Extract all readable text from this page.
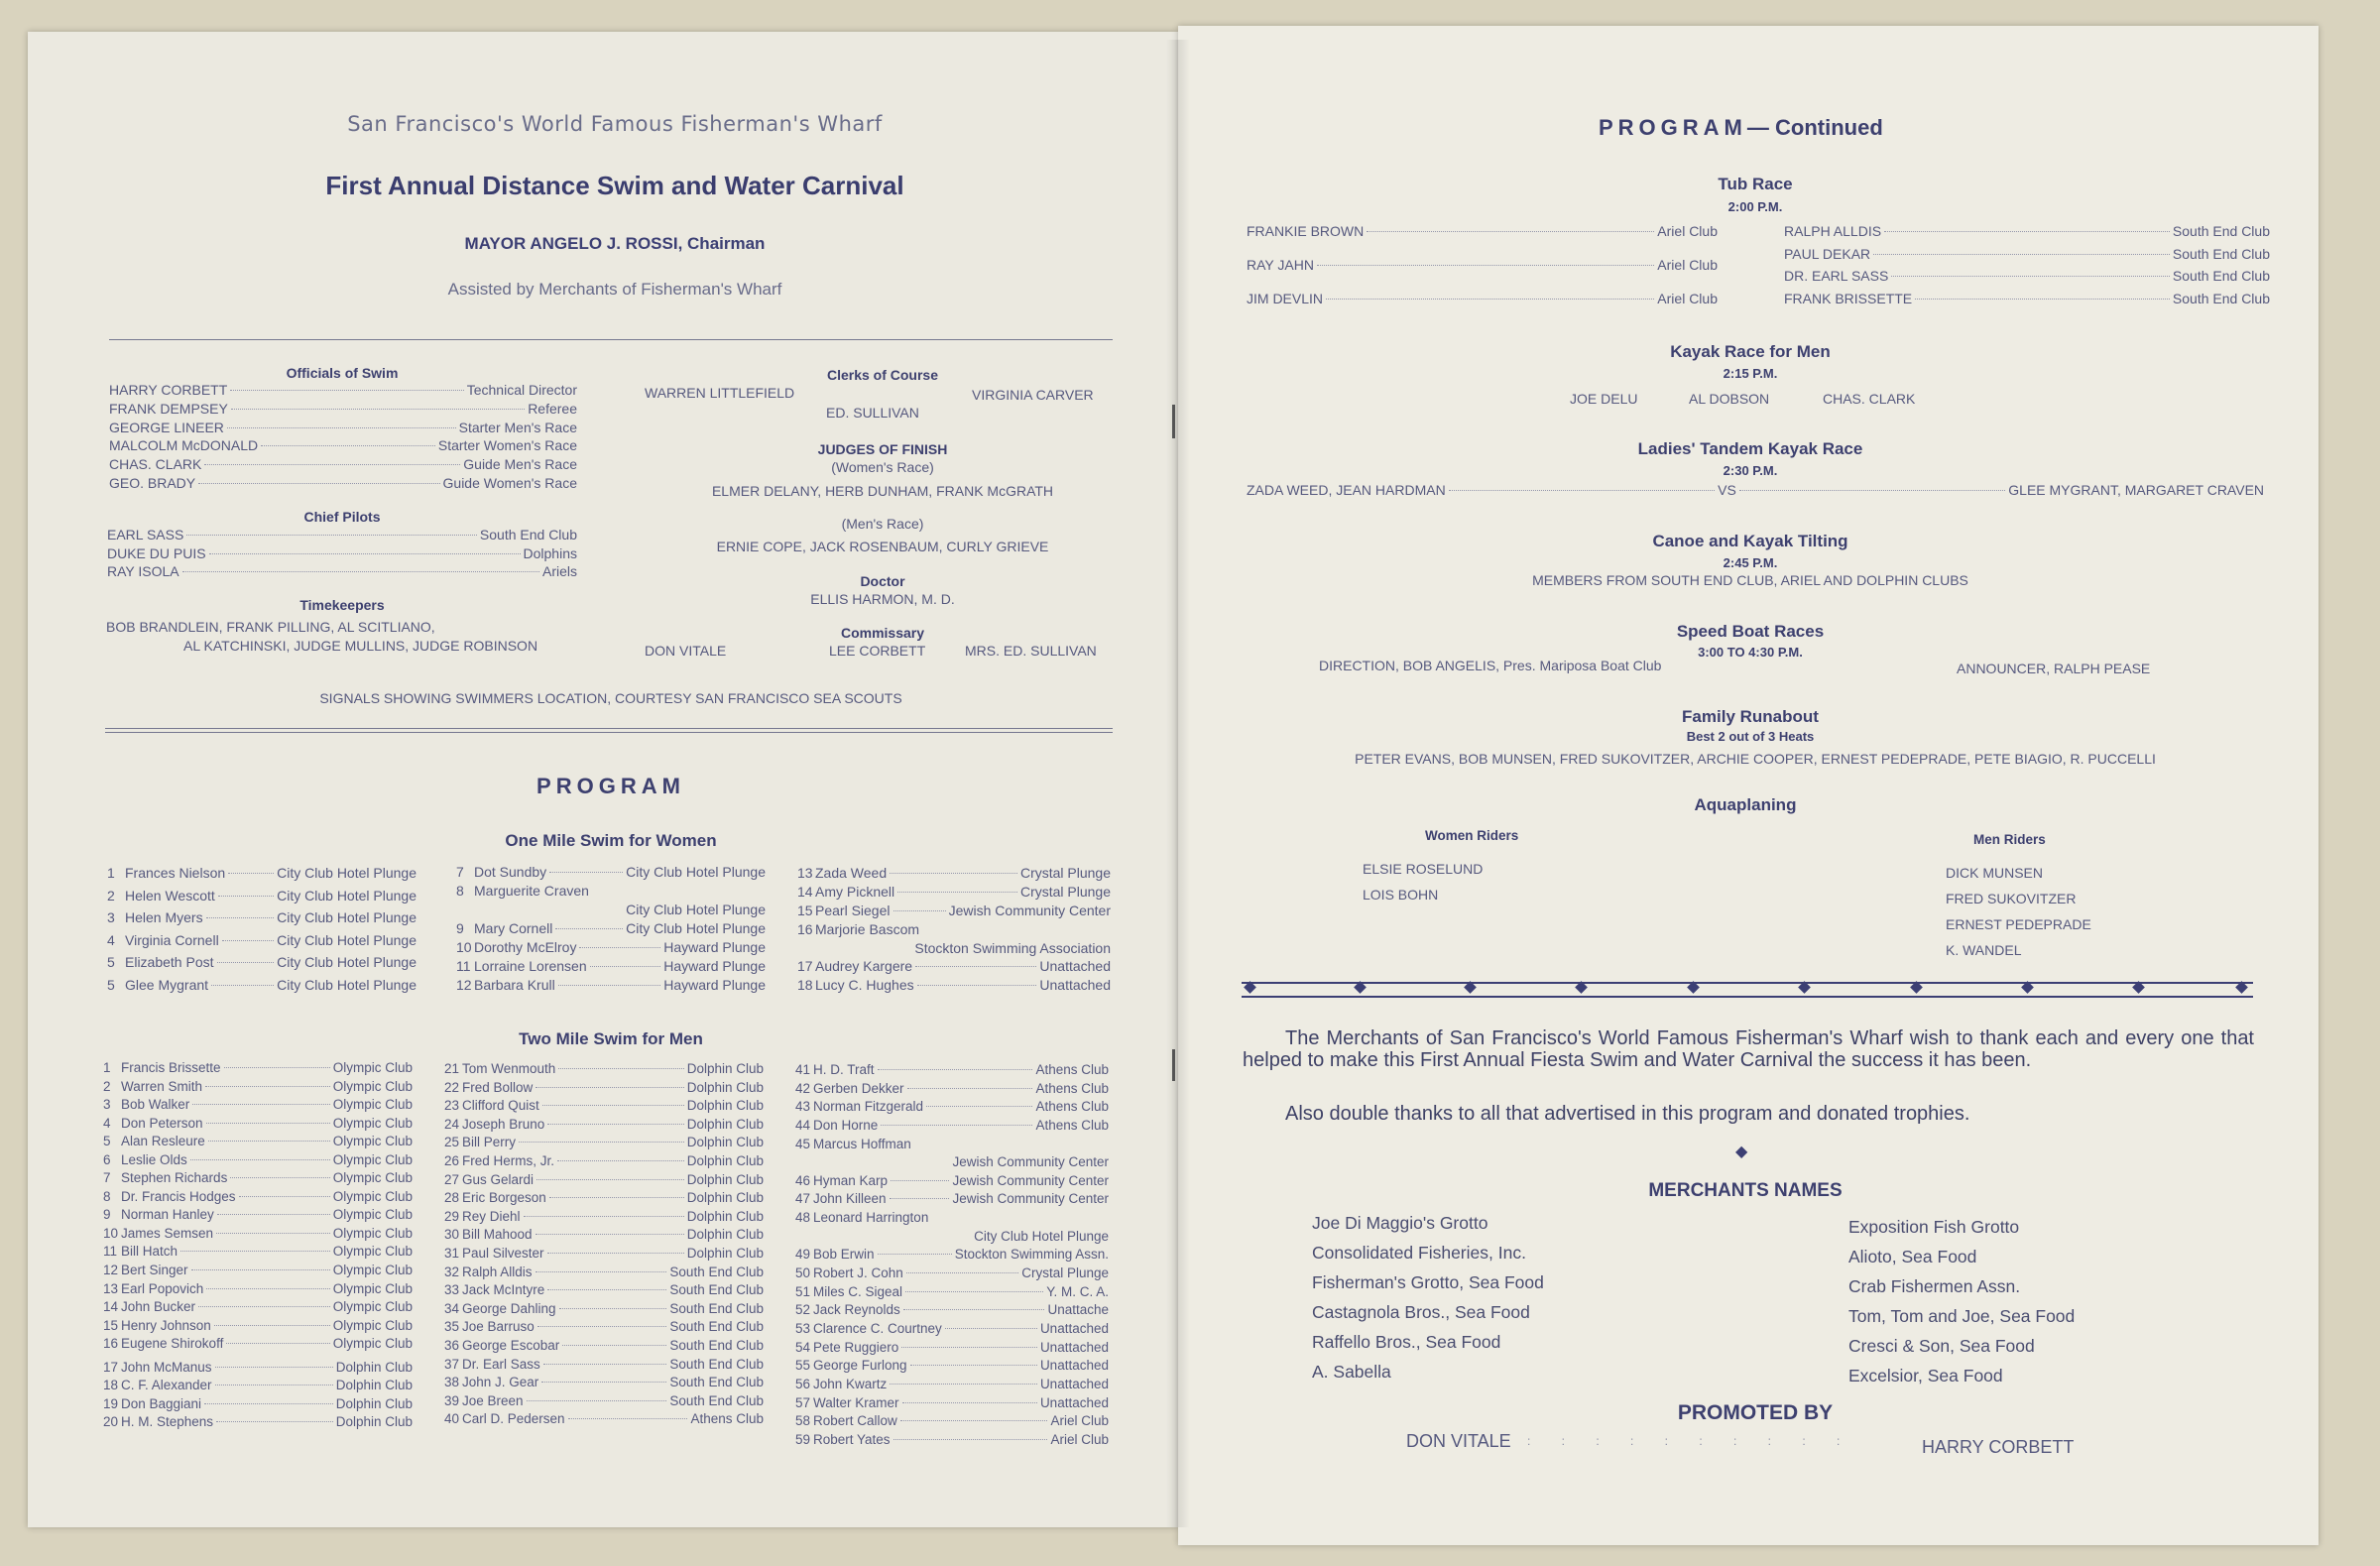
San Francisco's World Famous Fisherman's Wharf
First Annual Distance Swim and Water Carnival
MAYOR ANGELO J. ROSSI, Chairman
Assisted by Merchants of Fisherman's Wharf
Officials of Swim
HARRY CORBETT	Technical Director
FRANK DEMPSEY	Referee
GEORGE LINEER	Starter Men's Race
MALCOLM McDONALD	Starter Women's Race
CHAS. CLARK	Guide Men's Race
GEO. BRADY	Guide Women's Race
Chief Pilots
EARL SASS	South End Club
DUKE DU PUIS	Dolphins
RAY ISOLA	Ariels
Timekeepers
BOB BRANDLEIN, FRANK PILLING, AL SCITLIANO,
AL KATCHINSKI, JUDGE MULLINS, JUDGE ROBINSON
Clerks of Course
WARREN LITTLEFIELD	VIRGINIA CARVER
ED. SULLIVAN
JUDGES OF FINISH
(Women's Race)
ELMER DELANY, HERB DUNHAM, FRANK McGRATH
(Men's Race)
ERNIE COPE, JACK ROSENBAUM, CURLY GRIEVE
Doctor
ELLIS HARMON, M. D.
Commissary
DON VITALE	LEE CORBETT	MRS. ED. SULLIVAN
SIGNALS SHOWING SWIMMERS LOCATION, COURTESY SAN FRANCISCO SEA SCOUTS
PROGRAM
One Mile Swim for Women
1 Frances Nielson	City Club Hotel Plunge
2 Helen Wescott	City Club Hotel Plunge
3 Helen Myers	City Club Hotel Plunge
4 Virginia Cornell	City Club Hotel Plunge
5 Elizabeth Post	City Club Hotel Plunge
5 Glee Mygrant	City Club Hotel Plunge
7 Dot Sundby	City Club Hotel Plunge
8 Marguerite Craven
City Club Hotel Plunge
9 Mary Cornell	City Club Hotel Plunge
10 Dorothy McElroy	Hayward Plunge
11 Lorraine Lorensen	Hayward Plunge
12 Barbara Krull	Hayward Plunge
13 Zada Weed	Crystal Plunge
14 Amy Picknell	Crystal Plunge
15 Pearl Siegel	Jewish Community Center
16 Marjorie Bascom
Stockton Swimming Association
17 Audrey Kargere	Unattached
18 Lucy C. Hughes	Unattached
Two Mile Swim for Men
1 Francis Brissette	Olympic Club
2 Warren Smith	Olympic Club
3 Bob Walker	Olympic Club
4 Don Peterson	Olympic Club
5 Alan Resleure	Olympic Club
6 Leslie Olds	Olympic Club
7 Stephen Richards	Olympic Club
8 Dr. Francis Hodges	Olympic Club
9 Norman Hanley	Olympic Club
10 James Semsen	Olympic Club
11 Bill Hatch	Olympic Club
12 Bert Singer	Olympic Club
13 Earl Popovich	Olympic Club
14 John Bucker	Olympic Club
15 Henry Johnson	Olympic Club
16 Eugene Shirokoff	Olympic Club
17 John McManus	Dolphin Club
18 C. F. Alexander	Dolphin Club
19 Don Baggiani	Dolphin Club
20 H. M. Stephens	Dolphin Club
21 Tom Wenmouth	Dolphin Club
22 Fred Bollow	Dolphin Club
23 Clifford Quist	Dolphin Club
24 Joseph Bruno	Dolphin Club
25 Bill Perry	Dolphin Club
26 Fred Herms, Jr.	Dolphin Club
27 Gus Gelardi	Dolphin Club
28 Eric Borgeson	Dolphin Club
29 Rey Diehl	Dolphin Club
30 Bill Mahood	Dolphin Club
31 Paul Silvester	Dolphin Club
32 Ralph Alldis	South End Club
33 Jack McIntyre	South End Club
34 George Dahling	South End Club
35 Joe Barruso	South End Club
36 George Escobar	South End Club
37 Dr. Earl Sass	South End Club
38 John J. Gear	South End Club
39 Joe Breen	South End Club
40 Carl D. Pedersen	Athens Club
41 H. D. Traft	Athens Club
42 Gerben Dekker	Athens Club
43 Norman Fitzgerald	Athens Club
44 Don Horne	Athens Club
45 Marcus Hoffman
Jewish Community Center
46 Hyman Karp	Jewish Community Center
47 John Killeen	Jewish Community Center
48 Leonard Harrington
City Club Hotel Plunge
49 Bob Erwin	Stockton Swimming Assn.
50 Robert J. Cohn	Crystal Plunge
51 Miles C. Sigeal	Y. M. C. A.
52 Jack Reynolds	Unattache
53 Clarence C. Courtney	Unattached
54 Pete Ruggiero	Unattached
55 George Furlong	Unattached
56 John Kwartz	Unattached
57 Walter Kramer	Unattached
58 Robert Callow	Ariel Club
59 Robert Yates	Ariel Club
PROGRAM— Continued
Tub Race
2:00 P.M.
FRANKIE BROWN	Ariel Club
RAY JAHN	Ariel Club
JIM DEVLIN	Ariel Club
RALPH ALLDIS	South End Club
PAUL DEKAR	South End Club
DR. EARL SASS	South End Club
FRANK BRISSETTE	South End Club
Kayak Race for Men
2:15 P.M.
JOE DELU	AL DOBSON	CHAS. CLARK
Ladies' Tandem Kayak Race
2:30 P.M.
ZADA WEED, JEAN HARDMAN	VS	GLEE MYGRANT, MARGARET CRAVEN
Canoe and Kayak Tilting
2:45 P.M.
MEMBERS FROM SOUTH END CLUB, ARIEL AND DOLPHIN CLUBS
Speed Boat Races
3:00 TO 4:30 P.M.
DIRECTION, BOB ANGELIS, Pres. Mariposa Boat Club	ANNOUNCER, RALPH PEASE
Family Runabout
Best 2 out of 3 Heats
PETER EVANS, BOB MUNSEN, FRED SUKOVITZER, ARCHIE COOPER, ERNEST PEDEPRADE, PETE BIAGIO, R. PUCCELLI
Aquaplaning
Women Riders
ELSIE ROSELUND
LOIS BOHN
Men Riders
DICK MUNSEN
FRED SUKOVITZER
ERNEST PEDEPRADE
K. WANDEL
The Merchants of San Francisco's World Famous Fisherman's Wharf wish to thank each and every one that helped to make this First Annual Fiesta Swim and Water Carnival the success it has been.
Also double thanks to all that advertised in this program and donated trophies.
◆
MERCHANTS NAMES
Joe Di Maggio's Grotto
Consolidated Fisheries, Inc.
Fisherman's Grotto, Sea Food
Castagnola Bros., Sea Food
Raffello Bros., Sea Food
A. Sabella
Exposition Fish Grotto
Alioto, Sea Food
Crab Fishermen Assn.
Tom, Tom and Joe, Sea Food
Cresci & Son, Sea Food
Excelsior, Sea Food
PROMOTED BY
DON VITALE : : : : : : : : : :	HARRY CORBETT
